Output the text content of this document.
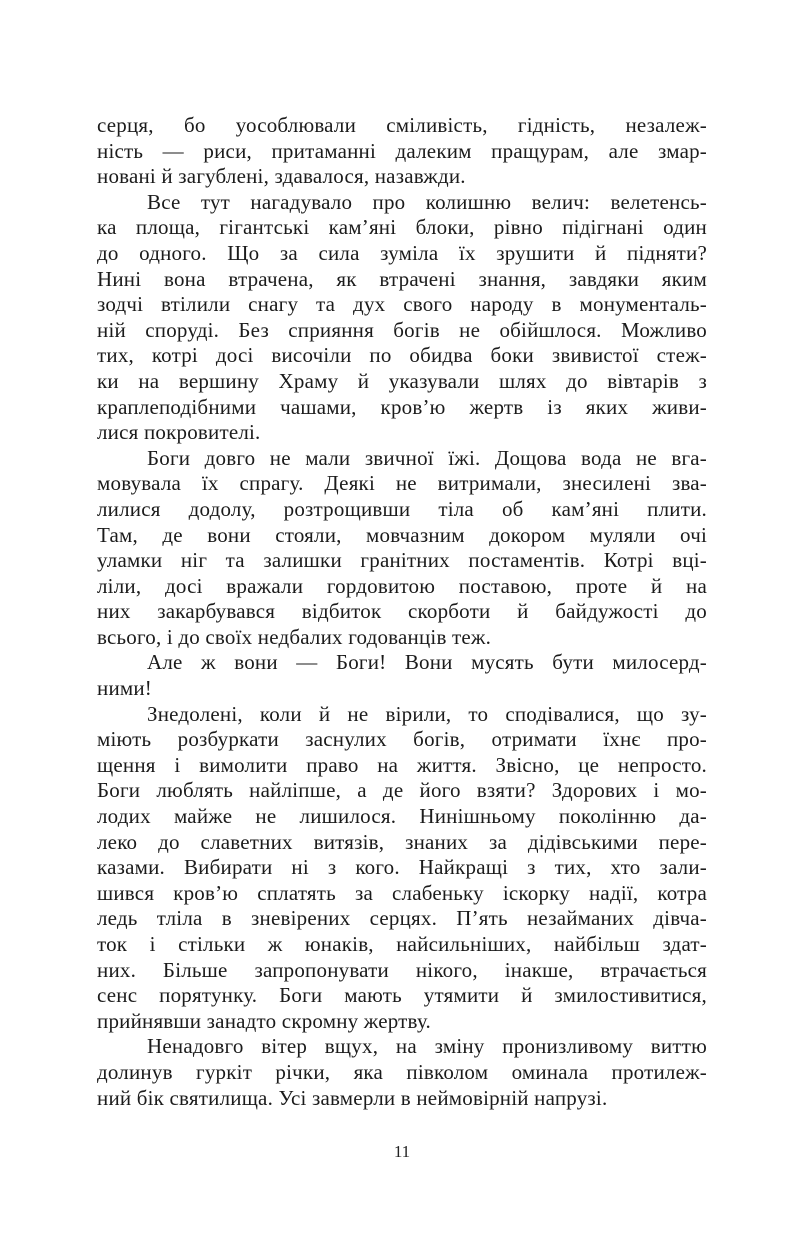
серця, бо уособлювали сміливість, гідність, незалеж-
ність — риси, притаманні далеким пращурам, але змар-
новані й загублені, здавалося, назавжди.
Все тут нагадувало про колишню велич: велетенсь-
ка площа, гігантські кам’яні блоки, рівно підігнані один
до одного. Що за сила зуміла їх зрушити й підняти?
Нині вона втрачена, як втрачені знання, завдяки яким
зодчі втілили снагу та дух свого народу в монументаль-
ній споруді. Без сприяння богів не обійшлося. Можливо
тих, котрі досі височіли по обидва боки звивистої стеж-
ки на вершину Храму й указували шлях до вівтарів з
краплеподібними чашами, кров’ю жертв із яких живи-
лися покровителі.
Боги довго не мали звичної їжі. Дощова вода не вга-
мовувала їх спрагу. Деякі не витримали, знесилені зва-
лилися додолу, розтрощивши тіла об кам’яні плити.
Там, де вони стояли, мовчазним докором муляли очі
уламки ніг та залишки гранітних постаментів. Котрі вці-
ліли, досі вражали гордовитою поставою, проте й на
них закарбувався відбиток скорботи й байдужості до
всього, і до своїх недбалих годованців теж.
Але ж вони — Боги! Вони мусять бути милосерд-
ними!
Знедолені, коли й не вірили, то сподівалися, що зу-
міють розбуркати заснулих богів, отримати їхнє про-
щення і вимолити право на життя. Звісно, це непросто.
Боги люблять найліпше, а де його взяти? Здорових і мо-
лодих майже не лишилося. Нинішньому поколінню да-
леко до славетних витязів, знаних за дідівськими пере-
казами. Вибирати ні з кого. Найкращі з тих, хто зали-
шився кров’ю сплатять за слабеньку іскорку надії, котра
ледь тліла в зневірених серцях. П’ять незайманих дівча-
ток і стільки ж юнаків, найсильніших, найбільш здат-
них. Більше запропонувати нікого, інакше, втрачається
сенс порятунку. Боги мають утямити й змилостивитися,
прийнявши занадто скромну жертву.
Ненадовго вітер вщух, на зміну пронизливому виттю
долинув гуркіт річки, яка півколом оминала протилеж-
ний бік святилища. Усі завмерли в неймовірній напрузі.
11
